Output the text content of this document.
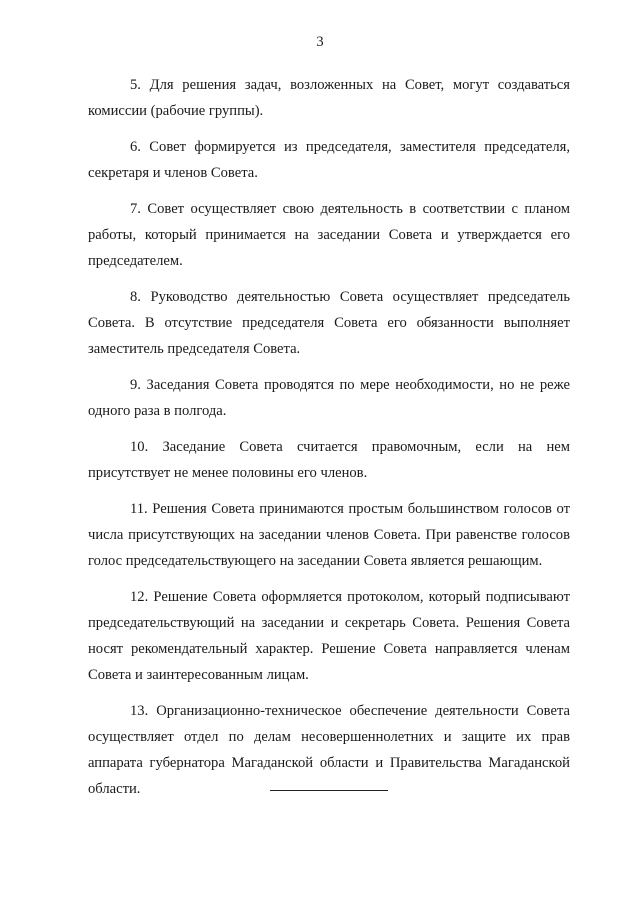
3

5. Для решения задач, возложенных на Совет, могут создаваться комиссии (рабочие группы).

6. Совет формируется из председателя, заместителя председателя, секретаря и членов Совета.

7. Совет осуществляет свою деятельность в соответствии с планом работы, который принимается на заседании Совета и утверждается его председателем.

8. Руководство деятельностью Совета осуществляет председатель Совета. В отсутствие председателя Совета его обязанности выполняет заместитель председателя Совета.

9. Заседания Совета проводятся по мере необходимости, но не реже одного раза в полгода.

10. Заседание Совета считается правомочным, если на нем присутствует не менее половины его членов.

11. Решения Совета принимаются простым большинством голосов от числа присутствующих на заседании членов Совета. При равенстве голосов голос председательствующего на заседании Совета является решающим.

12. Решение Совета оформляется протоколом, который подписывают председательствующий на заседании и секретарь Совета. Решения Совета носят рекомендательный характер. Решение Совета направляется членам Совета и заинтересованным лицам.

13. Организационно-техническое обеспечение деятельности Совета осуществляет отдел по делам несовершеннолетних и защите их прав аппарата губернатора Магаданской области и Правительства Магаданской области.
